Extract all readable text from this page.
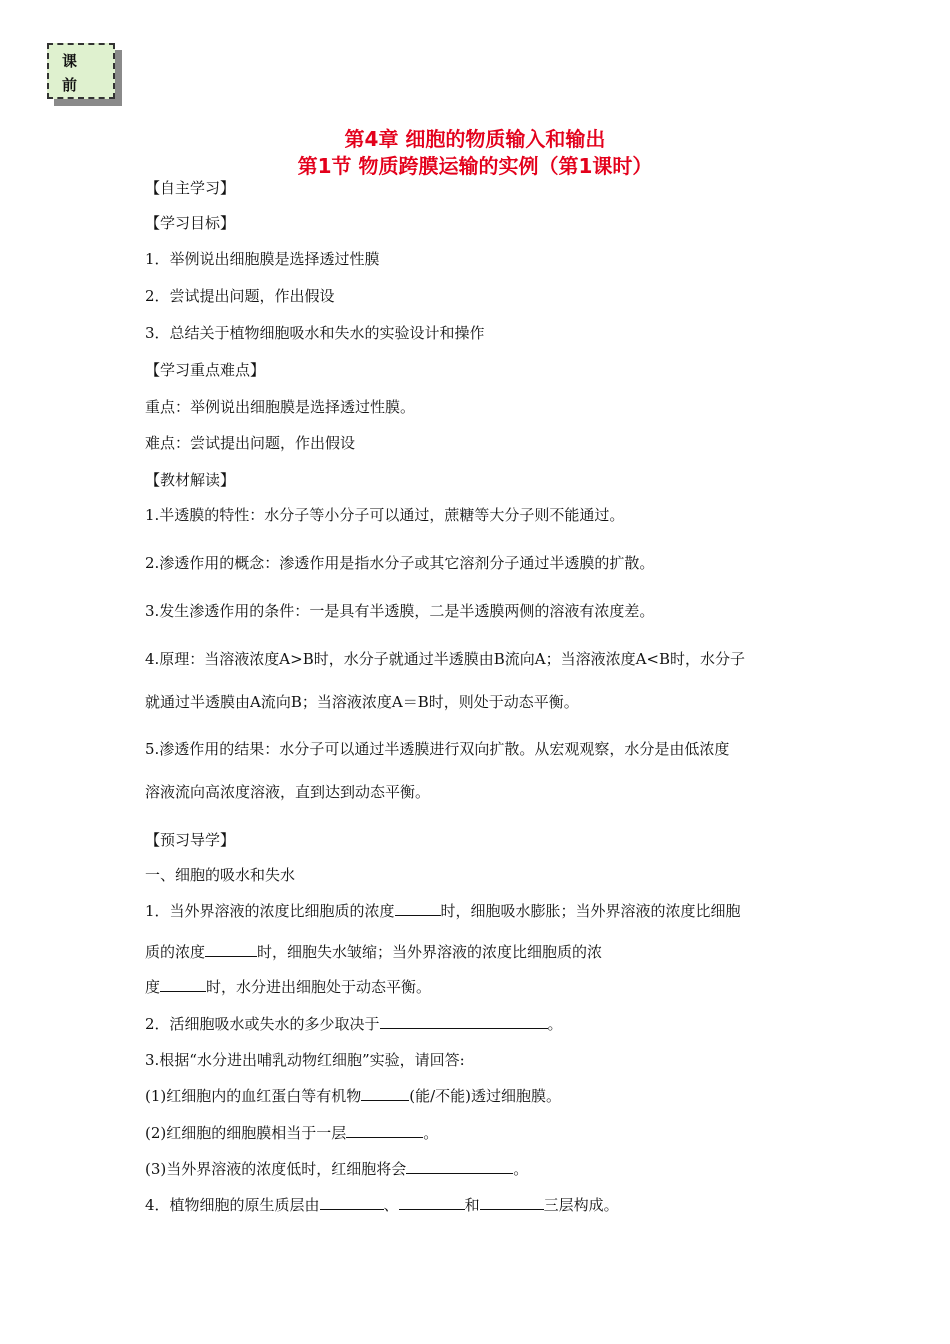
课
前
第4章 细胞的物质输入和输出
第1节 物质跨膜运输的实例（第1课时）
【自主学习】
【学习目标】
1．举例说出细胞膜是选择透过性膜
2．尝试提出问题，作出假设
3．总结关于植物细胞吸水和失水的实验设计和操作
【学习重点难点】
重点：举例说出细胞膜是选择透过性膜。
难点：尝试提出问题，作出假设
【教材解读】
1.半透膜的特性：水分子等小分子可以通过，蔗糖等大分子则不能通过。
2.渗透作用的概念：渗透作用是指水分子或其它溶剂分子通过半透膜的扩散。
3.发生渗透作用的条件：一是具有半透膜，二是半透膜两侧的溶液有浓度差。
4.原理：当溶液浓度A>B时，水分子就通过半透膜由B流向A；当溶液浓度A<B时，水分子
就通过半透膜由A流向B；当溶液浓度A＝B时，则处于动态平衡。
5.渗透作用的结果：水分子可以通过半透膜进行双向扩散。从宏观观察，水分是由低浓度
溶液流向高浓度溶液，直到达到动态平衡。
【预习导学】
一、细胞的吸水和失水
1．当外界溶液的浓度比细胞质的浓度	时，细胞吸水膨胀；当外界溶液的浓度比细胞
质的浓度	时，细胞失水皱缩；当外界溶液的浓度比细胞质的浓
度	时，水分进出细胞处于动态平衡。
2．活细胞吸水或失水的多少取决于	。
3.根据“水分进出哺乳动物红细胞”实验，请回答:
(1)红细胞内的血红蛋白等有机物	(能/不能)透过细胞膜。
(2)红细胞的细胞膜相当于一层	。
(3)当外界溶液的浓度低时，红细胞将会	。
4．植物细胞的原生质层由	、	和	三层构成。
